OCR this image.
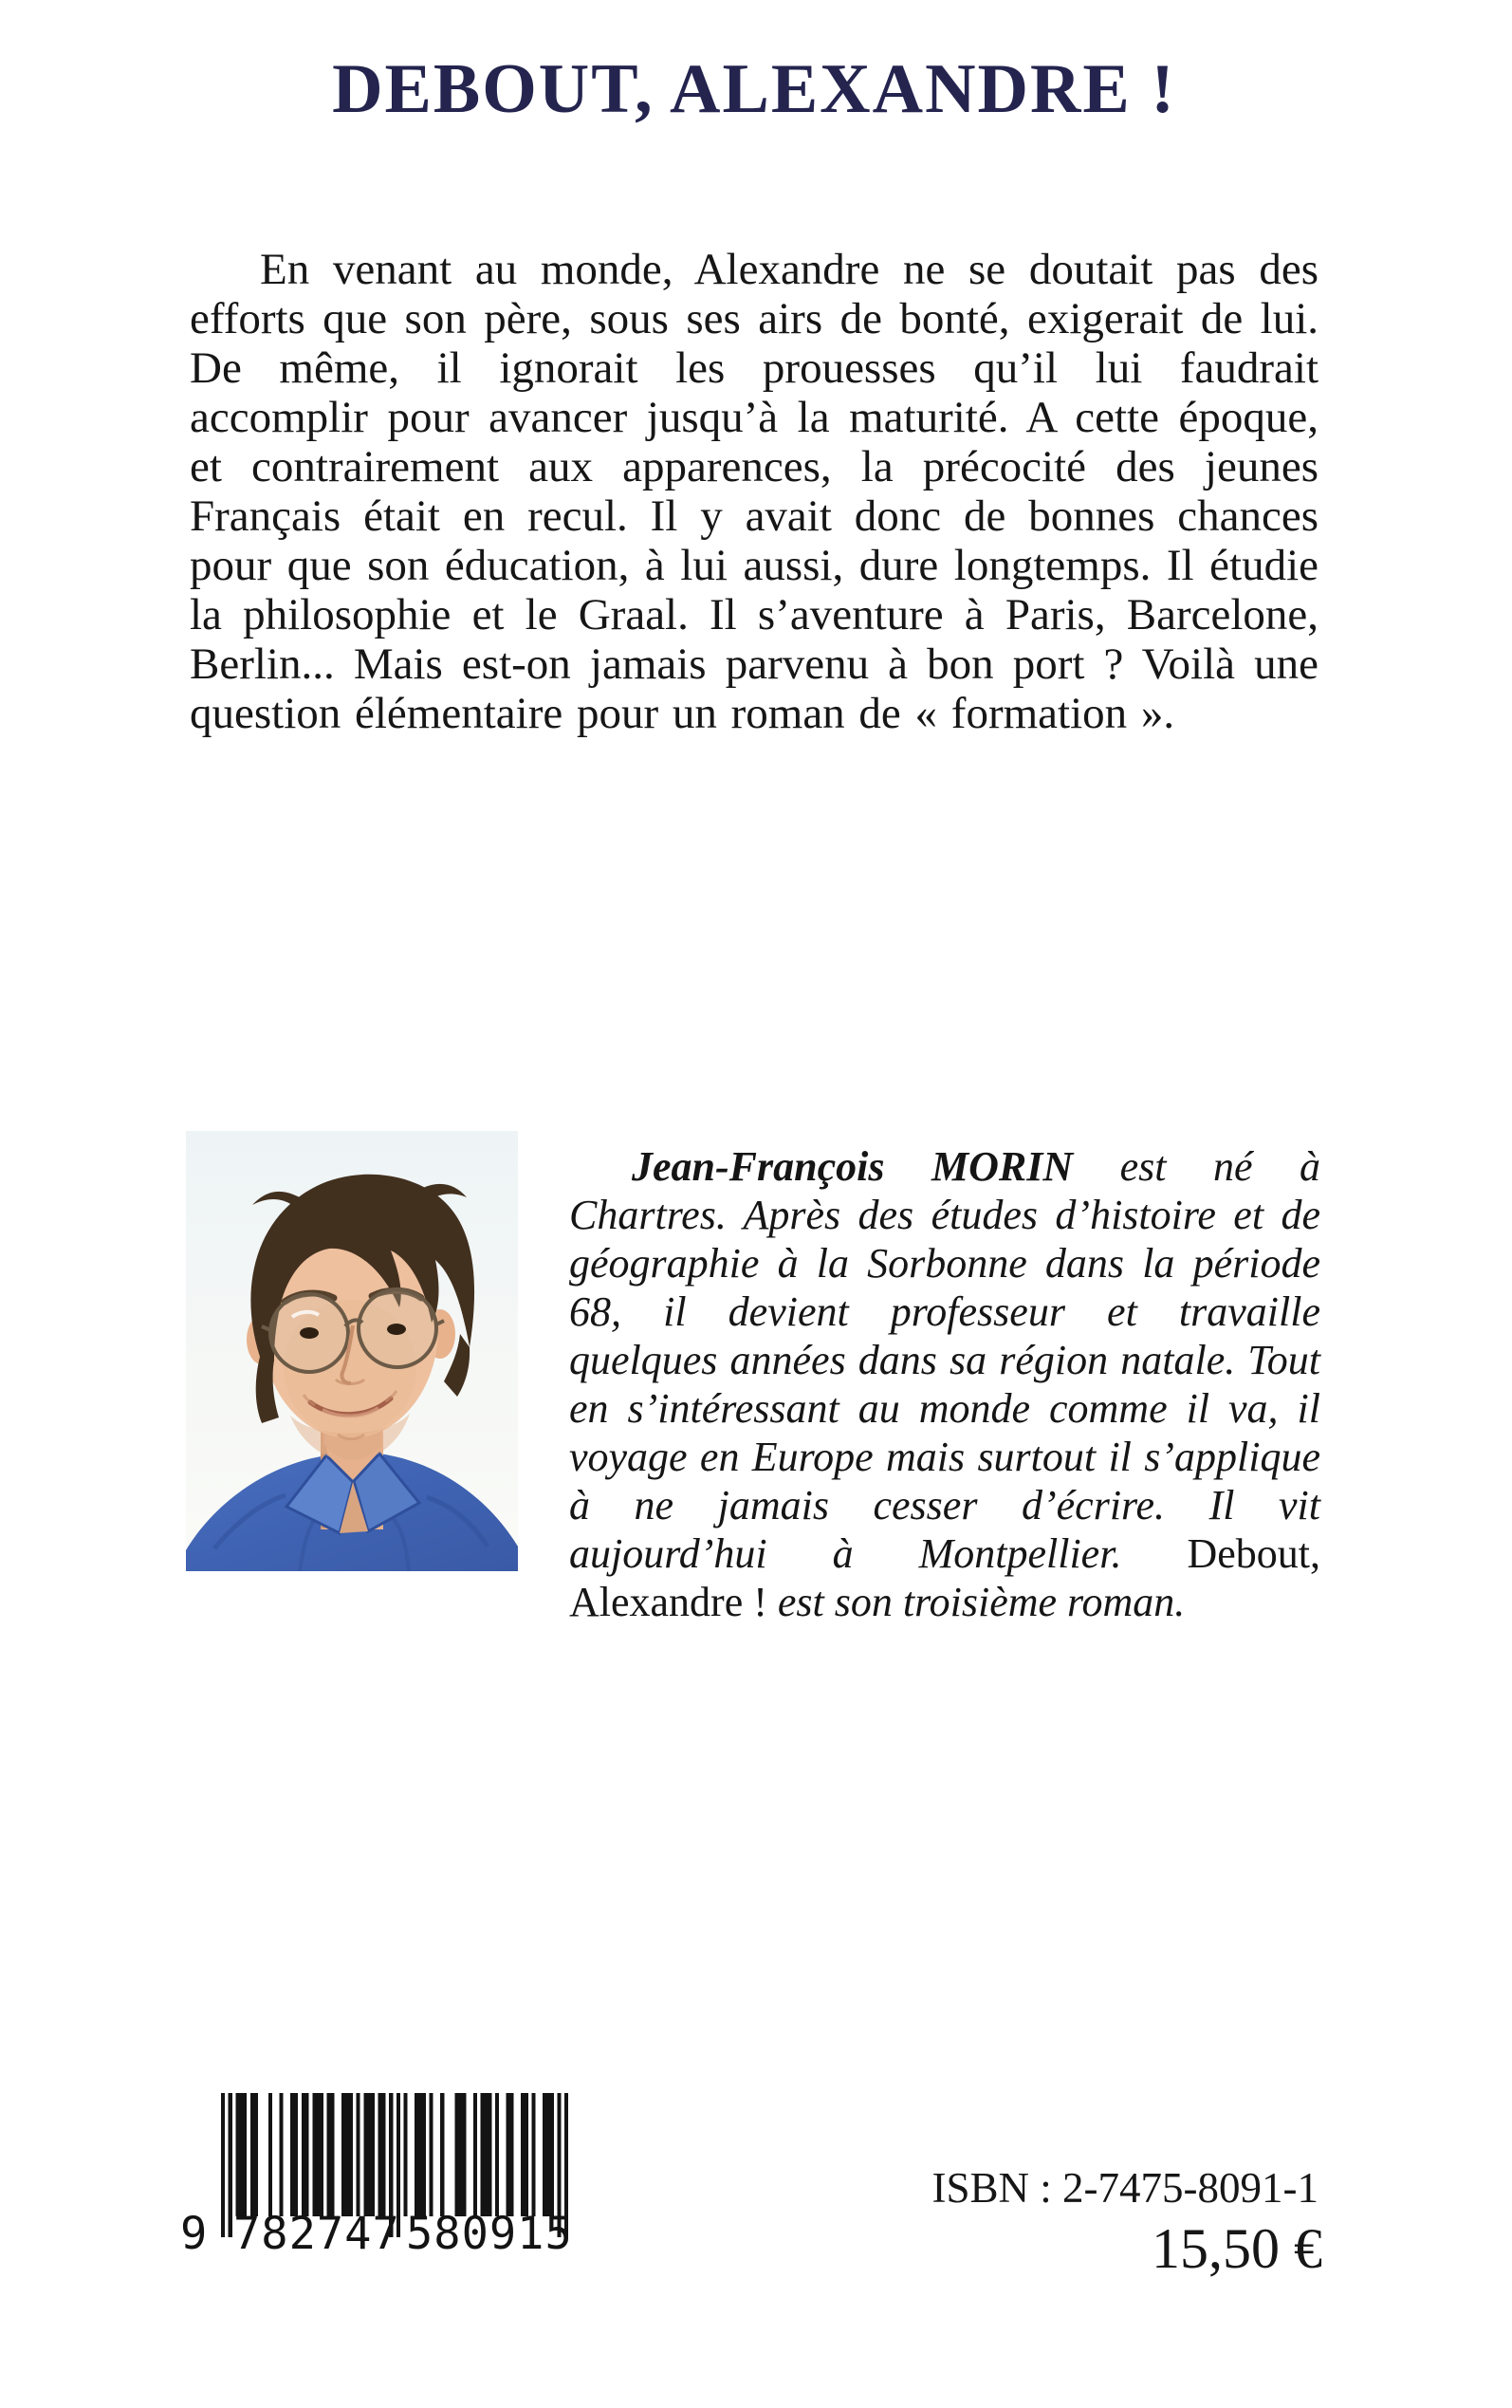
DEBOUT, ALEXANDRE !

En venant au monde, Alexandre ne se doutait pas des efforts que son père, sous ses airs de bonté, exigerait de lui. De même, il ignorait les prouesses qu’il lui faudrait accomplir pour avancer jusqu’à la maturité. A cette époque, et contrairement aux apparences, la précocité des jeunes Français était en recul. Il y avait donc de bonnes chances pour que son éducation, à lui aussi, dure longtemps. Il étudie la philosophie et le Graal. Il s’aventure à Paris, Barcelone, Berlin... Mais est-on jamais parvenu à bon port ? Voilà une question élémentaire pour un roman de « formation ».

Jean-François MORIN est né à Chartres. Après des études d’histoire et de géographie à la Sorbonne dans la période 68, il devient professeur et travaille quelques années dans sa région natale. Tout en s’intéressant au monde comme il va, il voyage en Europe mais surtout il s’applique à ne jamais cesser d’écrire. Il vit aujourd’hui à Montpellier. Debout, Alexandre ! est son troisième roman.

9 782747 580915
ISBN : 2-7475-8091-1
15,50 €
